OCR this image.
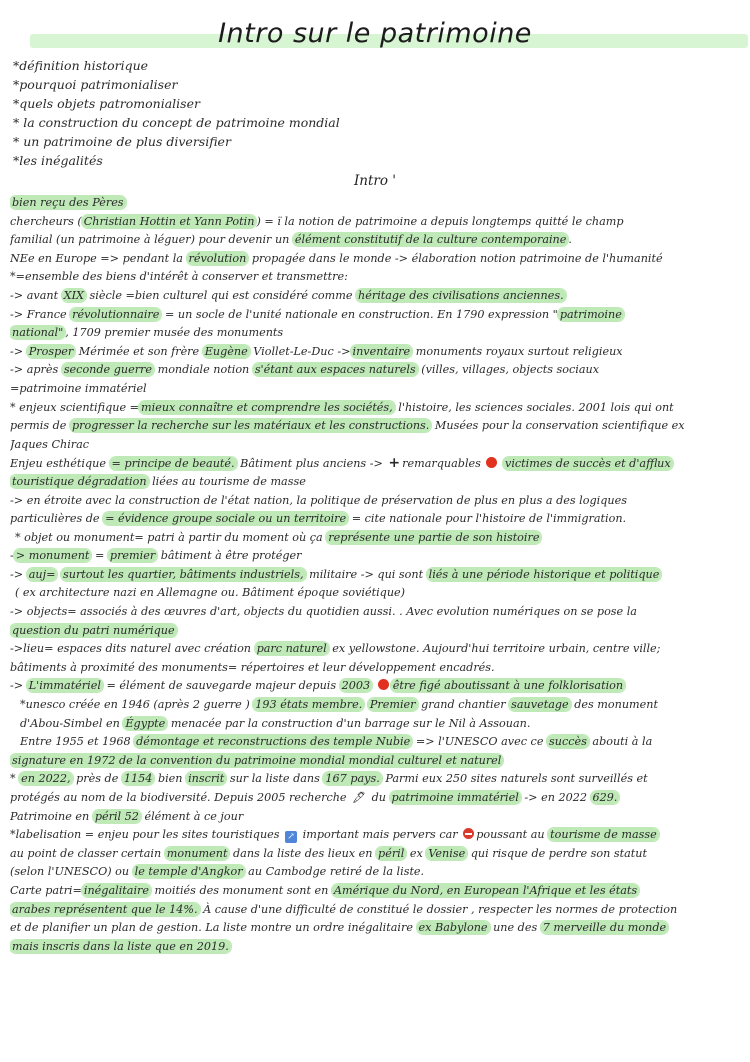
Intro sur le patrimoine
*définition historique
*pourquoi patrimonialiser
*quels objets patromonialiser
* la construction du concept de patrimoine mondial
* un patrimoine de plus diversifier
*les inégalités
Intro '
bien reçu des Pères
chercheurs ( Christian Hottin et Yann Potin ) = ï la notion de patrimoine a depuis longtemps quitté le champ
familial (un patrimoine à léguer) pour devenir un élément constitutif de la culture contemporaine .
NEe en Europe => pendant la révolution propagée dans le monde -> élaboration notion patrimoine de l'humanité
*=ensemble des biens d'intérêt à conserver et transmettre:
-> avant XIX siècle =bien culturel qui est considéré comme héritage des civilisations anciennes.
-> France révolutionnaire = un socle de l'unité nationale en construction. En 1790 expression " patrimoine
national" , 1709 premier musée des monuments
-> Prosper Mérimée et son frère Eugène Viollet-Le-Duc -> inventaire monuments royaux surtout religieux
-> après seconde guerre mondiale notion s'étant aux espaces naturels (villes, villages, objects sociaux
=patrimoine immatériel
* enjeux scientifique = mieux connaître et comprendre les sociétés, l'histoire, les sciences sociales. 2001 lois qui ont
permis de progresser la recherche sur les matériaux et les constructions. Musées pour la conservation scientifique ex
Jaques Chirac
Enjeu esthétique = principe de beauté. Bâtiment plus anciens -> + remarquables  victimes de succès et d'afflux
touristique dégradation liées au tourisme de masse
-> en étroite avec la construction de l'état nation, la politique de préservation de plus en plus a des logiques
particulières de = évidence groupe sociale ou un territoire = cite nationale pour l'histoire de l'immigration.
* objet ou monument= patri à partir du moment où ça représente une partie de son histoire
- > monument = premier bâtiment à être protéger
-> auj= surtout les quartier, bâtiments industriels, militaire -> qui sont liés à une période historique et politique
( ex architecture nazi en Allemagne ou. Bâtiment époque soviétique)
-> objects= associés à des œuvres d'art, objects du quotidien aussi. . Avec evolution numériques on se pose la
question du patri numérique
->lieu= espaces dits naturel avec création parc naturel ex yellowstone. Aujourd'hui territoire urbain, centre ville;
bâtiments à proximité des monuments= répertoires et leur développement encadrés.
-> L'immatériel = élément de sauvegarde majeur depuis 2003 être figé aboutissant à une folklorisation
*unesco créée en 1946 (après 2 guerre ) 193 états membre. Premier grand chantier sauvetage des monument
d'Abou-Simbel en Égypte menacée par la construction d'un barrage sur le Nil à Assouan.
Entre 1955 et 1968 démontage et reconstructions des temple Nubie => l'UNESCO avec ce succès abouti à la
signature en 1972 de la convention du patrimoine mondial mondial culturel et naturel
* en 2022, près de 1154 bien inscrit sur la liste dans 167 pays. Parmi eux 250 sites naturels sont surveillés et
protégés au nom de la biodiversité. Depuis 2005 recherche 🖋 du patrimoine immatériel -> en 2022 629.
Patrimoine en péril 52 élément à ce jour
*labelisation = enjeu pour les sites touristiques ↗ important mais pervers car poussant au tourisme de masse
au point de classer certain monument dans la liste des lieux en péril ex Venise qui risque de perdre son statut
(selon l'UNESCO) ou le temple d'Angkor au Cambodge retiré de la liste.
Carte patri= inégalitaire moitiés des monument sont en Amérique du Nord, en European l'Afrique et les états
arabes représentent que le 14%. À cause d'une difficulté de constitué le dossier , respecter les normes de protection
et de planifier un plan de gestion. La liste montre un ordre inégalitaire ex Babylone une des 7 merveille du monde
mais inscris dans la liste que en 2019.
